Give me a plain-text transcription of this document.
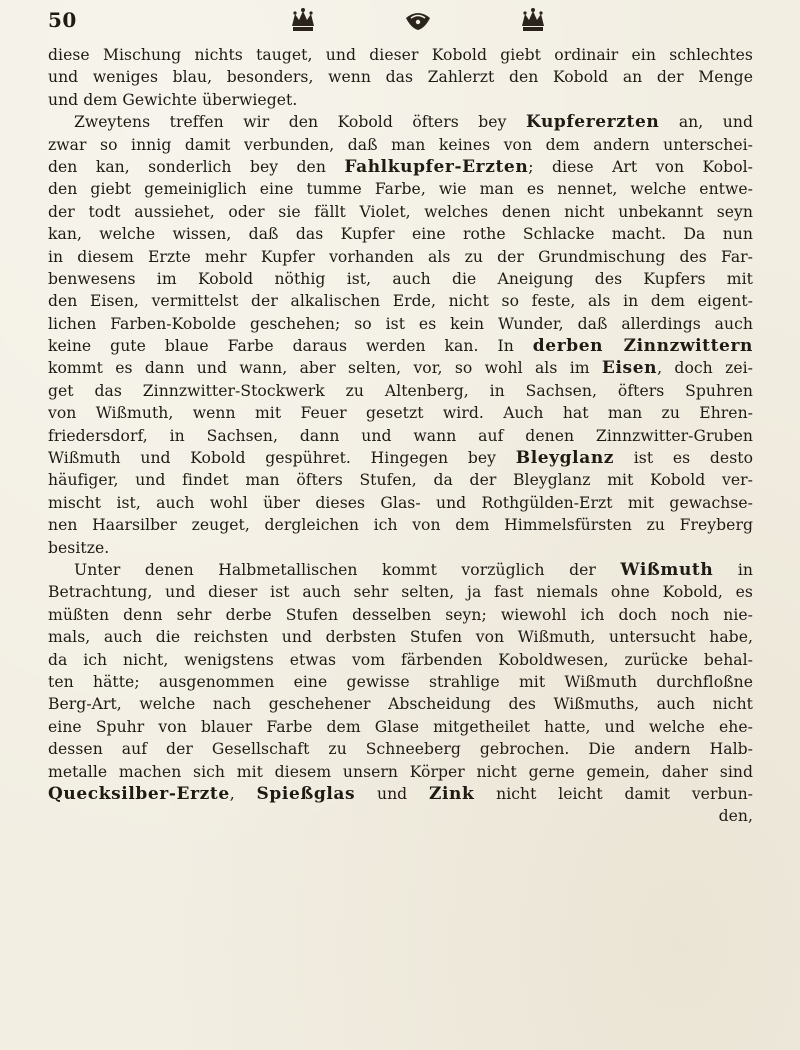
50
diese Mischung nichts tauget, und dieser Kobold giebt ordinair ein schlechtes
und weniges blau, besonders, wenn das Zahlerzt den Kobold an der Menge
und dem Gewichte überwieget.
Zweytens treffen wir den Kobold öfters bey Kupfererzten an, und
zwar so innig damit verbunden, daß man keines von dem andern unterschei-
den kan, sonderlich bey den Fahlkupfer-Erzten; diese Art von Kobol-
den giebt gemeiniglich eine tumme Farbe, wie man es nennet, welche entwe-
der todt aussiehet, oder sie fällt Violet, welches denen nicht unbekannt seyn
kan, welche wissen, daß das Kupfer eine rothe Schlacke macht. Da nun
in diesem Erzte mehr Kupfer vorhanden als zu der Grundmischung des Far-
benwesens im Kobold nöthig ist, auch die Aneigung des Kupfers mit
den Eisen, vermittelst der alkalischen Erde, nicht so feste, als in dem eigent-
lichen Farben-Kobolde geschehen; so ist es kein Wunder, daß allerdings auch
keine gute blaue Farbe daraus werden kan. In derben Zinnzwittern
kommt es dann und wann, aber selten, vor, so wohl als im Eisen, doch zei-
get das Zinnzwitter-Stockwerk zu Altenberg, in Sachsen, öfters Spuhren
von Wißmuth, wenn mit Feuer gesetzt wird. Auch hat man zu Ehren-
friedersdorf, in Sachsen, dann und wann auf denen Zinnzwitter-Gruben
Wißmuth und Kobold gespühret. Hingegen bey Bleyglanz ist es desto
häufiger, und findet man öfters Stufen, da der Bleyglanz mit Kobold ver-
mischt ist, auch wohl über dieses Glas- und Rothgülden-Erzt mit gewachse-
nen Haarsilber zeuget, dergleichen ich von dem Himmelsfürsten zu Freyberg
besitze.
Unter denen Halbmetallischen kommt vorzüglich der Wißmuth in
Betrachtung, und dieser ist auch sehr selten, ja fast niemals ohne Kobold, es
müßten denn sehr derbe Stufen desselben seyn; wiewohl ich doch noch nie-
mals, auch die reichsten und derbsten Stufen von Wißmuth, untersucht habe,
da ich nicht, wenigstens etwas vom färbenden Koboldwesen, zurücke behal-
ten hätte; ausgenommen eine gewisse strahlige mit Wißmuth durchfloßne
Berg-Art, welche nach geschehener Abscheidung des Wißmuths, auch nicht
eine Spuhr von blauer Farbe dem Glase mitgetheilet hatte, und welche ehe-
dessen auf der Gesellschaft zu Schneeberg gebrochen. Die andern Halb-
metalle machen sich mit diesem unsern Körper nicht gerne gemein, daher sind
Quecksilber-Erzte, Spießglas und Zink nicht leicht damit verbun-
den,
